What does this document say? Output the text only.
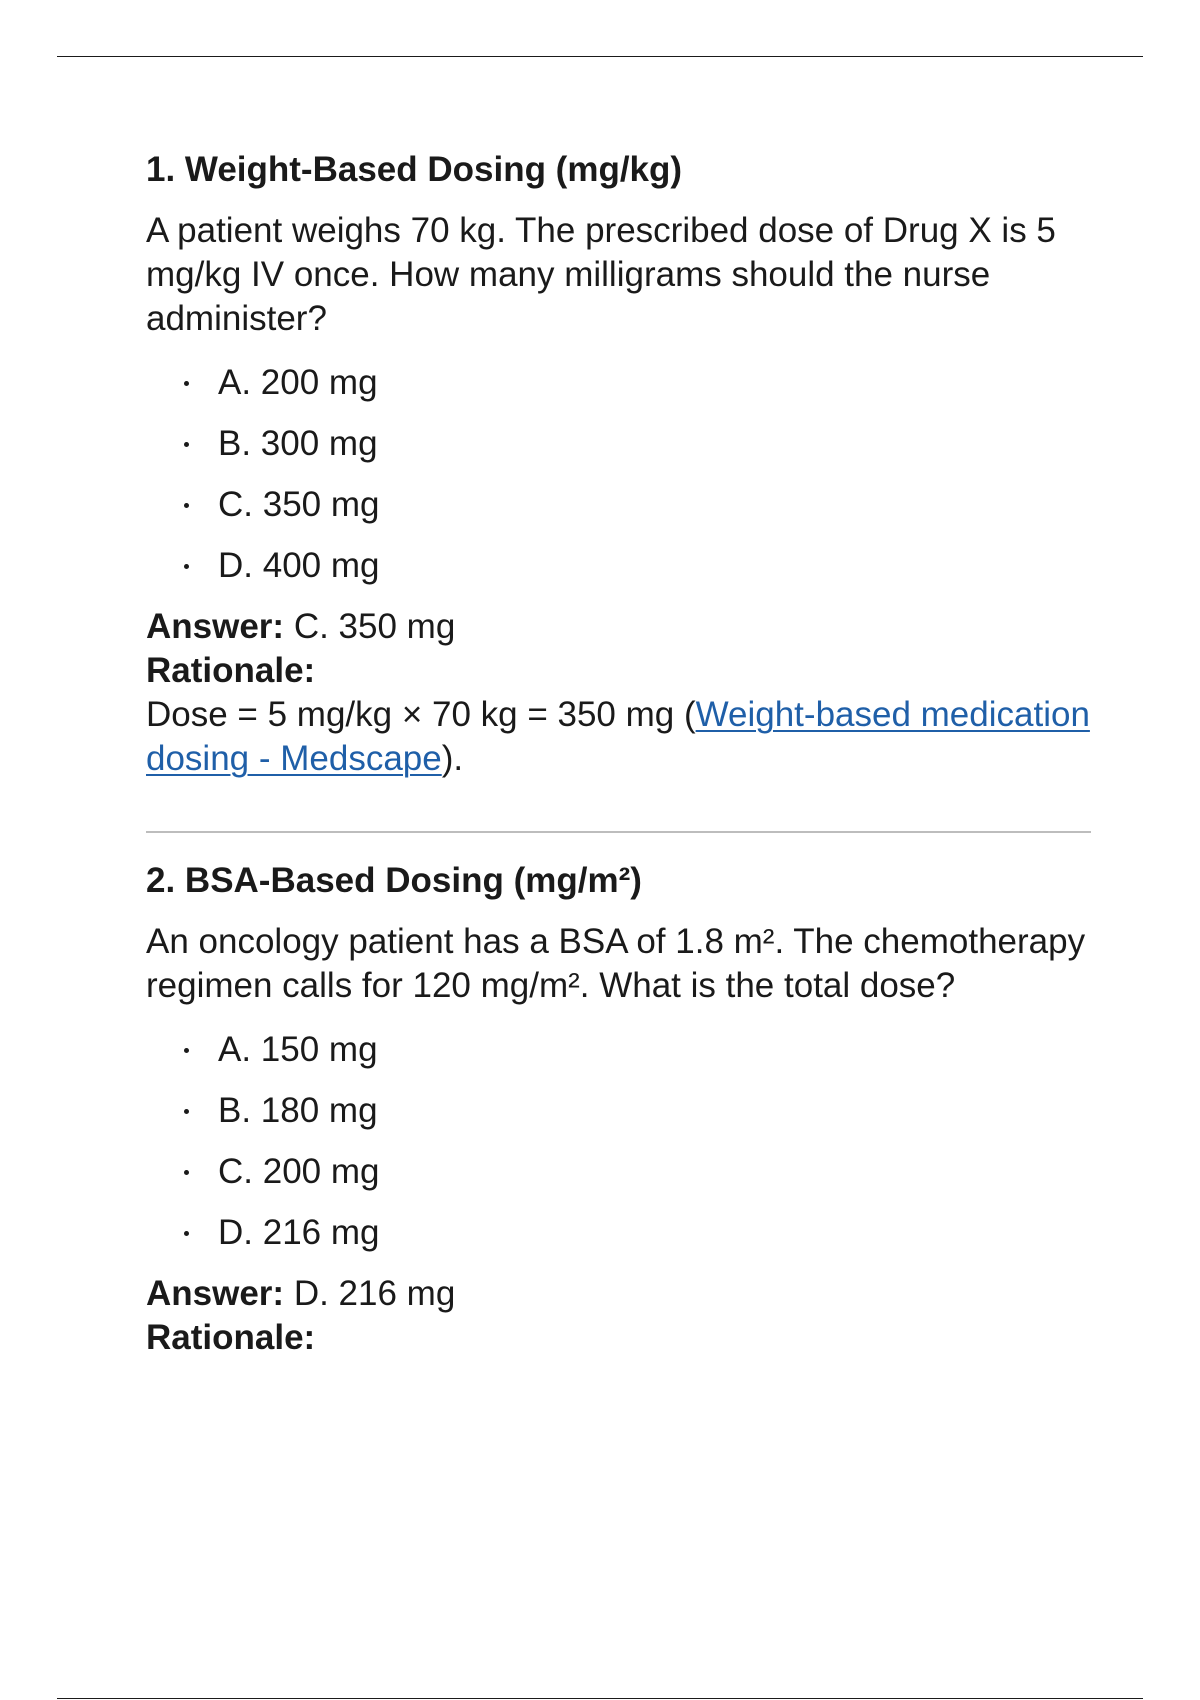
1. Weight-Based Dosing (mg/kg)

A patient weighs 70 kg. The prescribed dose of Drug X is 5 mg/kg IV once. How many milligrams should the nurse administer?

A. 200 mg
B. 300 mg
C. 350 mg
D. 400 mg

Answer: C. 350 mg

Rationale:

Dose = 5 mg/kg × 70 kg = 350 mg (Weight-based medication dosing - Medscape).

2. BSA-Based Dosing (mg/m²)

An oncology patient has a BSA of 1.8 m². The chemotherapy regimen calls for 120 mg/m². What is the total dose?

A. 150 mg
B. 180 mg
C. 200 mg
D. 216 mg

Answer: D. 216 mg

Rationale:
